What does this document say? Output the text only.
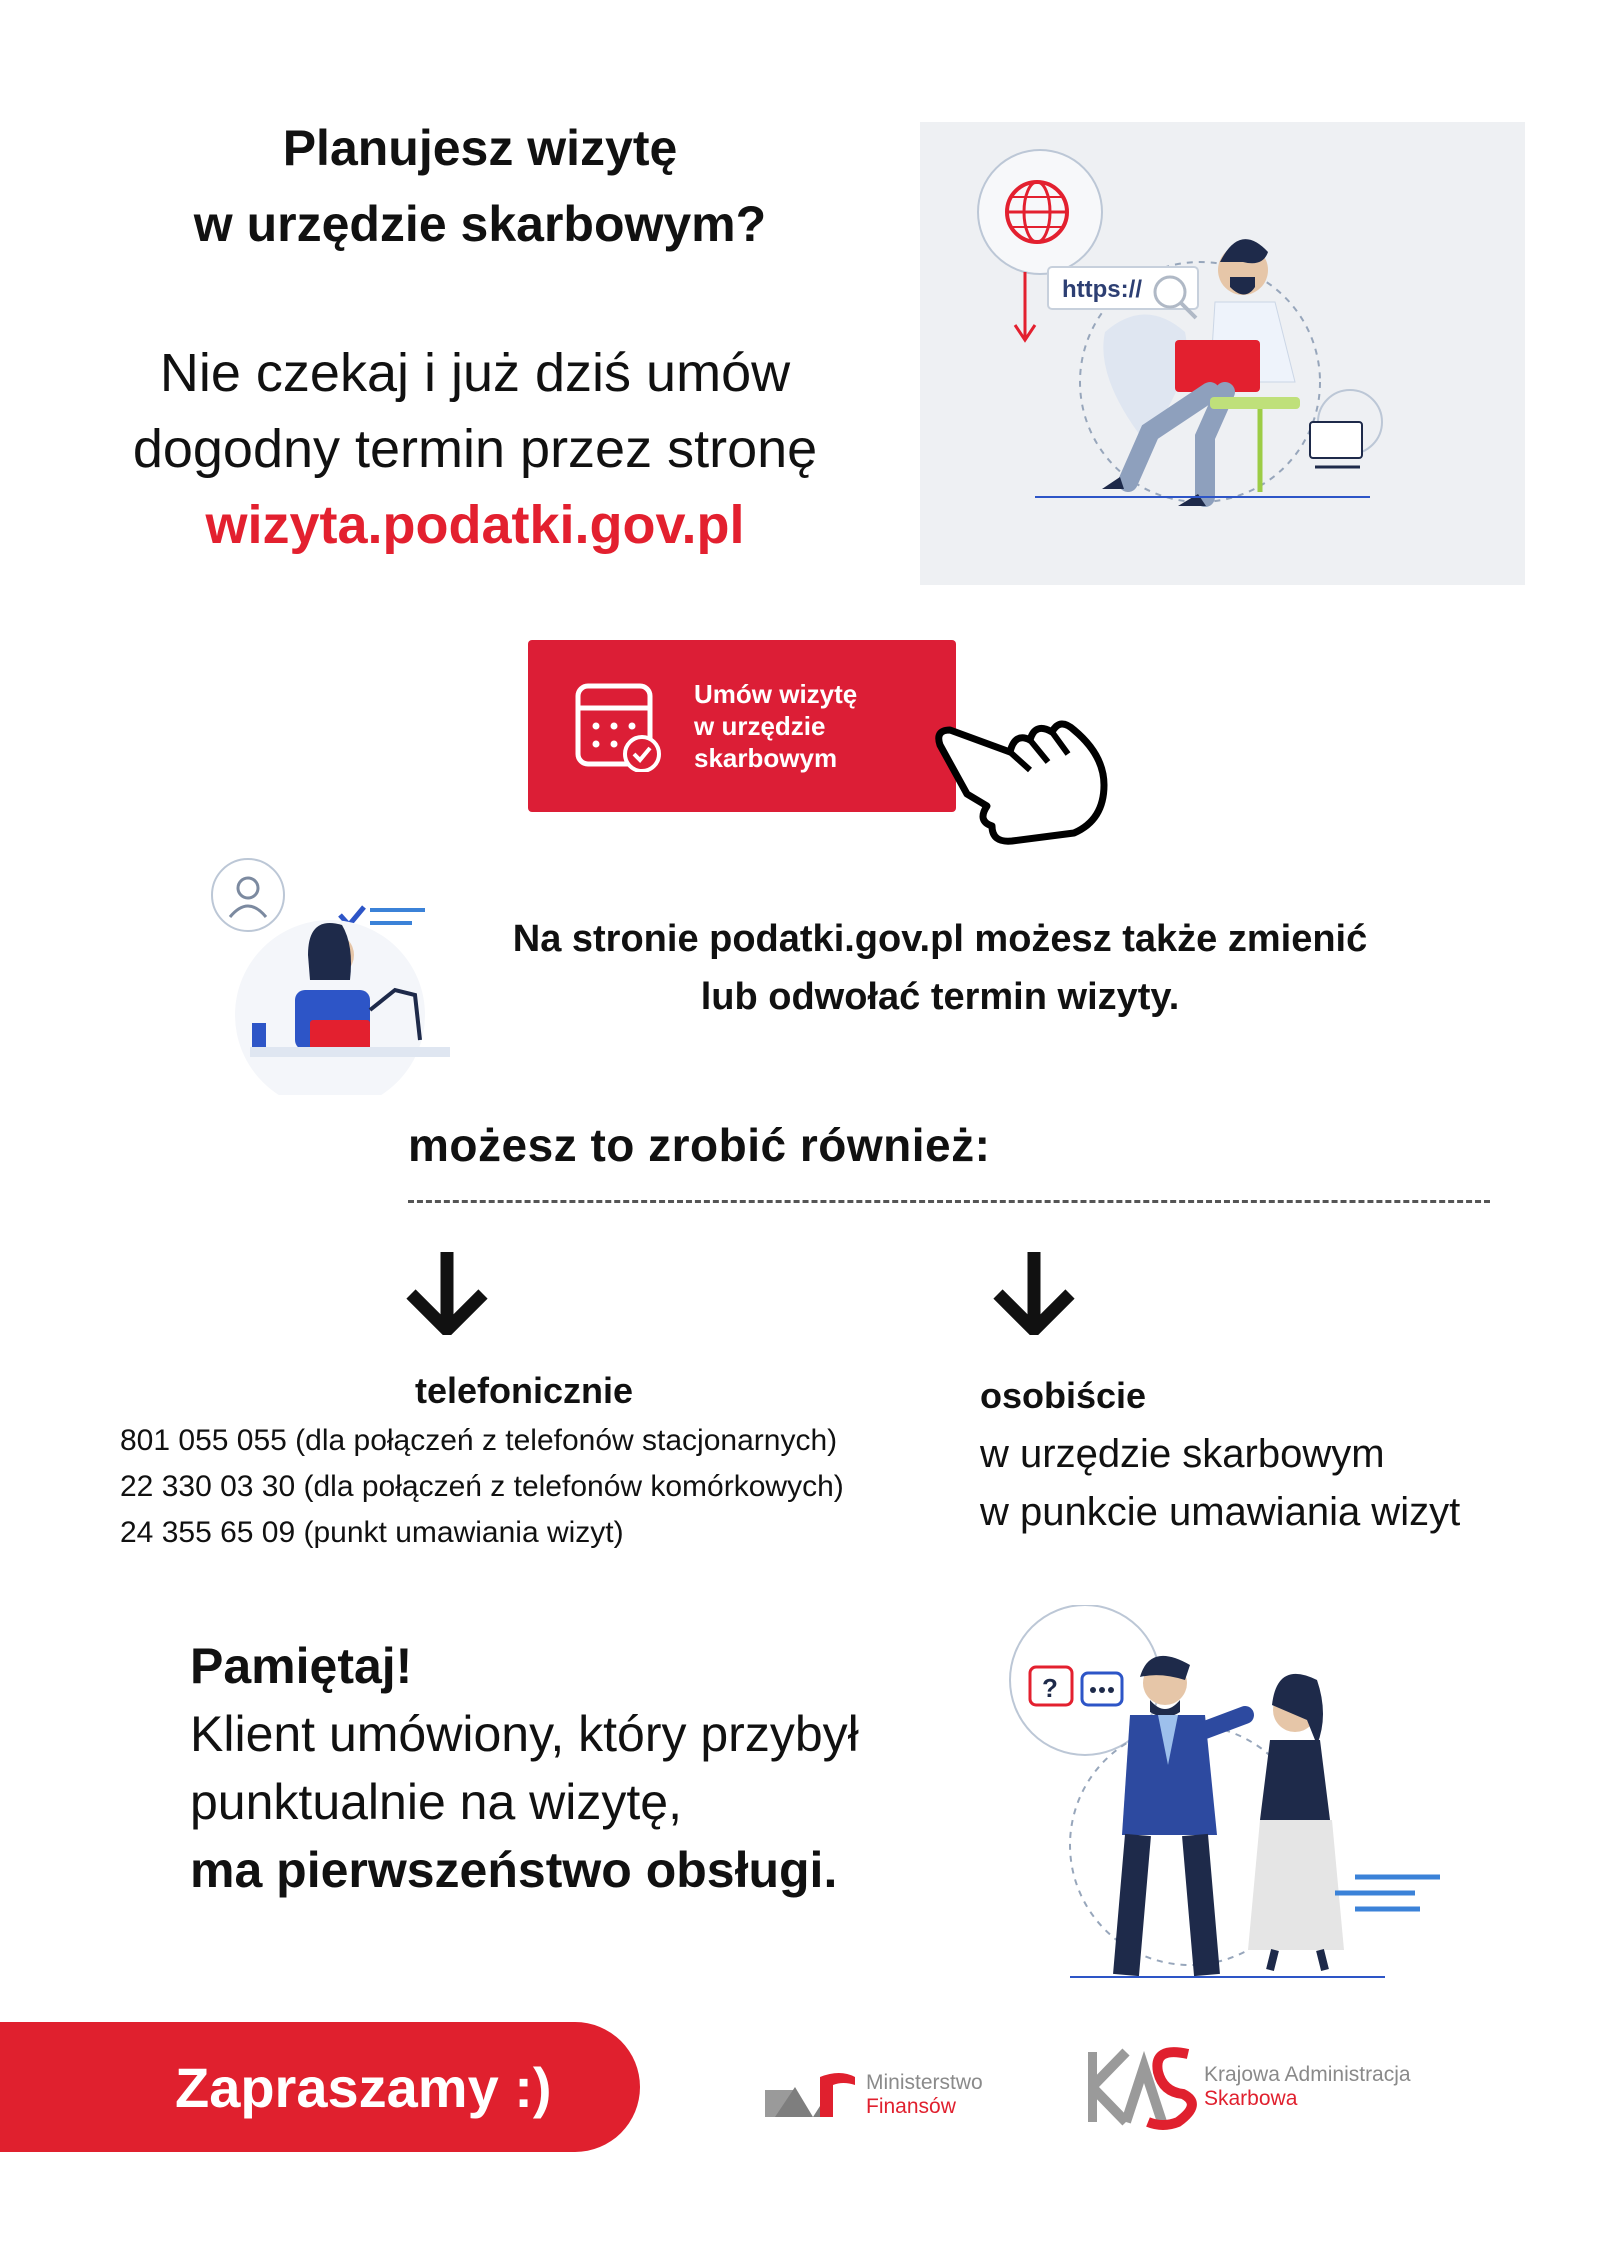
Planujesz wizytę
w urzędzie skarbowym?
Nie czekaj i już dziś umów
dogodny termin przez stronę
wizyta.podatki.gov.pl
https://
Umów wizytę
w urzędzie
skarbowym
Na stronie podatki.gov.pl możesz także zmienić
lub odwołać termin wizyty.
możesz to zrobić również:
telefonicznie
801 055 055 (dla połączeń z telefonów stacjonarnych)
22 330 03 30 (dla połączeń z telefonów komórkowych)
24 355 65 09 (punkt umawiania wizyt)
osobiście
w urzędzie skarbowym
w punkcie umawiania wizyt
Pamiętaj!
Klient umówiony, który przybył
punktualnie na wizytę,
ma pierwszeństwo obsługi.
?
Zapraszamy :)	Ministerstwo
Finansów
Krajowa Administracja
Skarbowa
